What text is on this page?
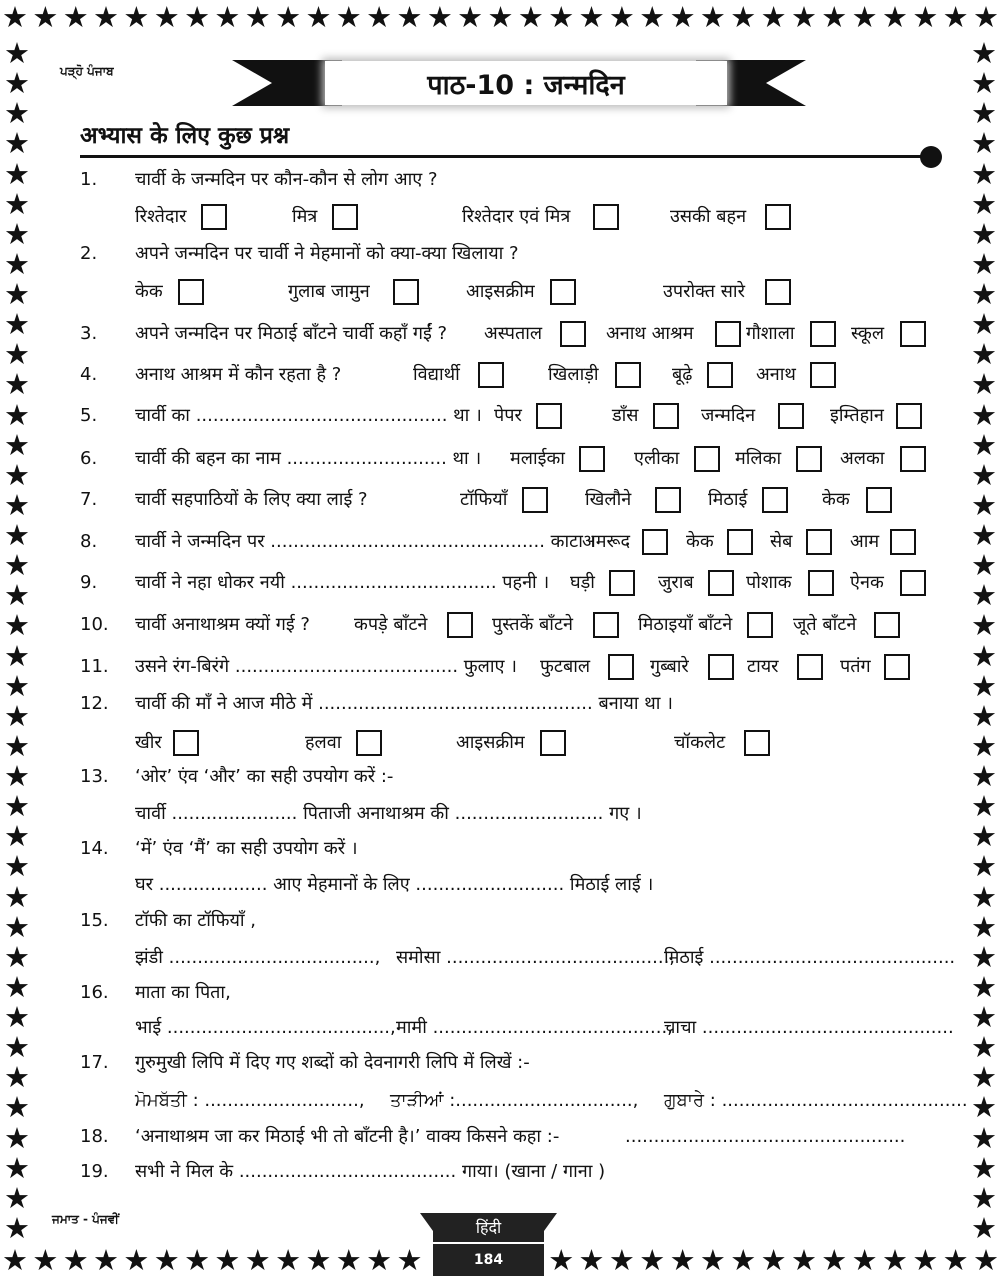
★ ★ ★ ★ ★ ★ ★ ★ ★ ★ ★ ★ ★ ★ ★ ★ ★ ★ ★ ★ ★ ★ ★ ★ ★ ★ ★ ★ ★ ★ ★ ★ ★
★ ★ ★ ★ ★ ★ ★ ★ ★ ★ ★ ★ ★ ★	★ ★ ★ ★ ★ ★ ★ ★ ★ ★ ★ ★ ★ ★ ★
★
★
★
★
★
★
★
★
★
★
★
★
★
★
★
★
★
★
★
★
★
★
★
★
★
★
★
★
★
★
★
★
★
★
★
★
★
★
★
★
★
★
★
★
★
★
★
★
★
★
★
★
★
★
★
★
★
★
★
★
★
★
★
★
★
★
★
★
★
★
★
★
★
★
★
★
★
★
★
★
ਪੜ੍ਹੋ ਪੰਜਾਬ	पाठ-10 : जन्मदिन
अभ्यास के लिए कुछ प्रश्न
1. चार्वी के जन्मदिन पर कौन-कौन से लोग आए ?
रिश्तेदार	मित्र	रिश्तेदार एवं मित्र	उसकी बहन
2. अपने जन्मदिन पर चार्वी ने मेहमानों को क्या-क्या खिलाया ?
केक	गुलाब जामुन	आइसक्रीम	उपरोक्त सारे
3. अपने जन्मदिन पर मिठाई बाँटने चार्वी कहाँ गईं ? अस्पताल	अनाथ आश्रम	गौशाला	स्कूल
4. अनाथ आश्रम में कौन रहता है ?	विद्यार्थी	खिलाड़ी	बूढ़े	अनाथ
5. चार्वी का ............................................ था । पेपर	डाँस	जन्मदिन	इम्तिहान
6. चार्वी की बहन का नाम ............................ था । मलाईका	एलीका	मलिका	अलका
7. चार्वी सहपाठियों के लिए क्या लाई ?	टॉफियाँ	खिलौने	मिठाई	केक
8. चार्वी ने जन्मदिन पर ................................................ काटा ।
अमरूद	केक	सेब	आम
9. चार्वी ने नहा धोकर नयी .................................... पहनी । घड़ी	जुराब	पोशाक	ऐनक
10. चार्वी अनाथाश्रम क्यों गई ? कपड़े बाँटने	पुस्तकें बाँटने	मिठाइयाँ बाँटने	जूते बाँटने
11. उसने रंग-बिरंगे ....................................... फुलाए । फुटबाल	गुब्बारे	टायर	पतंग
12. चार्वी की माँ ने आज मीठे में ................................................ बनाया था ।
खीर	हलवा	आइसक्रीम	चॉकलेट
13. ‘ओर’ एंव ‘और’ का सही उपयोग करें :-
चार्वी ...................... पिताजी अनाथाश्रम की .......................... गए ।
14. ‘में’ एंव ‘मैं’ का सही उपयोग करें ।
घर ................... आए मेहमानों के लिए .......................... मिठाई लाई ।
15. टॉफी का टॉफियाँ ,
झंडी ...................................., समोसा .......................................,
मिठाई ...........................................
16. माता का पिता,
भाई ......................................., मामी .........................................,
चाचा ............................................
17. गुरुमुखी लिपि में दिए गए शब्दों को देवनागरी लिपि में लिखें :-
ਮੋਮਬੱਤੀ : ..........................., ਤਾੜੀਆਂ :..............................., ਗੁਬਾਰੇ : ...........................................
18. ‘अनाथाश्रम जा कर मिठाई भी तो बाँटनी है।’ वाक्य किसने कहा :-	.................................................
19. सभी ने मिल के ...................................... गाया। (खाना / गाना )
ਜਮਾਤ - ਪੰਜਵੀਂ	हिंदी
184
